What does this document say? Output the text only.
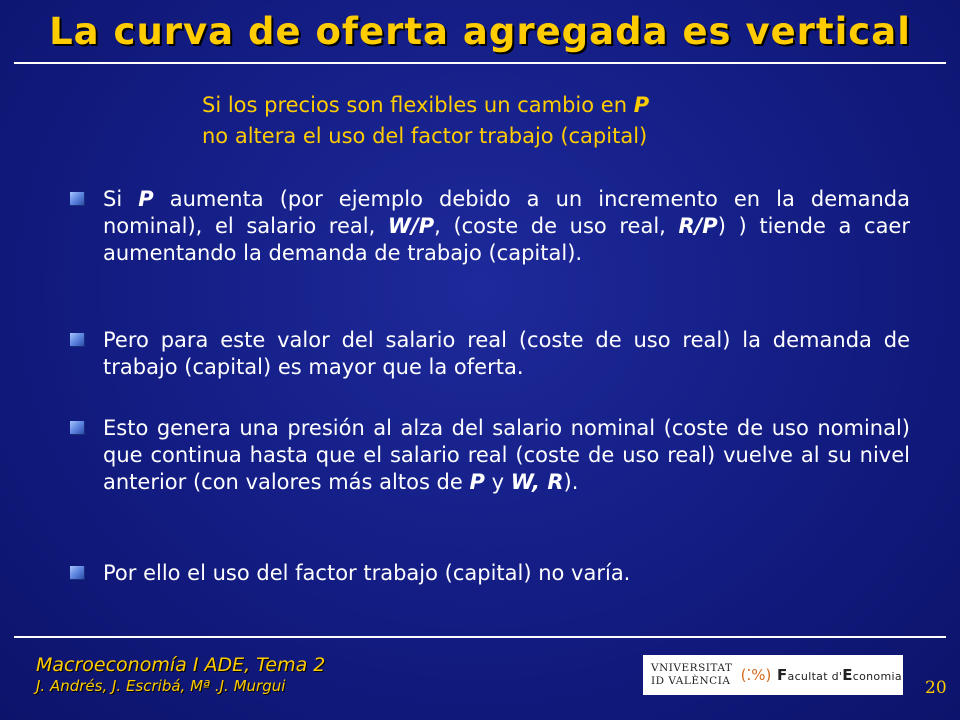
La curva de oferta agregada es vertical
Si los precios son flexibles un cambio en P
no altera el uso del factor trabajo (capital)
Si P aumenta (por ejemplo debido a un incremento en la demanda nominal), el salario real, W/P, (coste de uso real, R/P) ) tiende a caer aumentando la demanda de trabajo (capital).
Pero para este valor del salario real (coste de uso real) la demanda de trabajo (capital) es mayor que la oferta.
Esto genera una presión al alza del salario nominal (coste de uso nominal) que continua hasta que el salario real (coste de uso real) vuelve al su nivel anterior (con valores más altos de P y W, R).
Por ello el uso del factor trabajo (capital) no varía.
Macroeconomía I ADE, Tema 2
J. Andrés, J. Escribá, Mª .J. Murgui
VNIVERSITAT
ID VALÈNCIA (⁚%) Facultat d'Economia
20
